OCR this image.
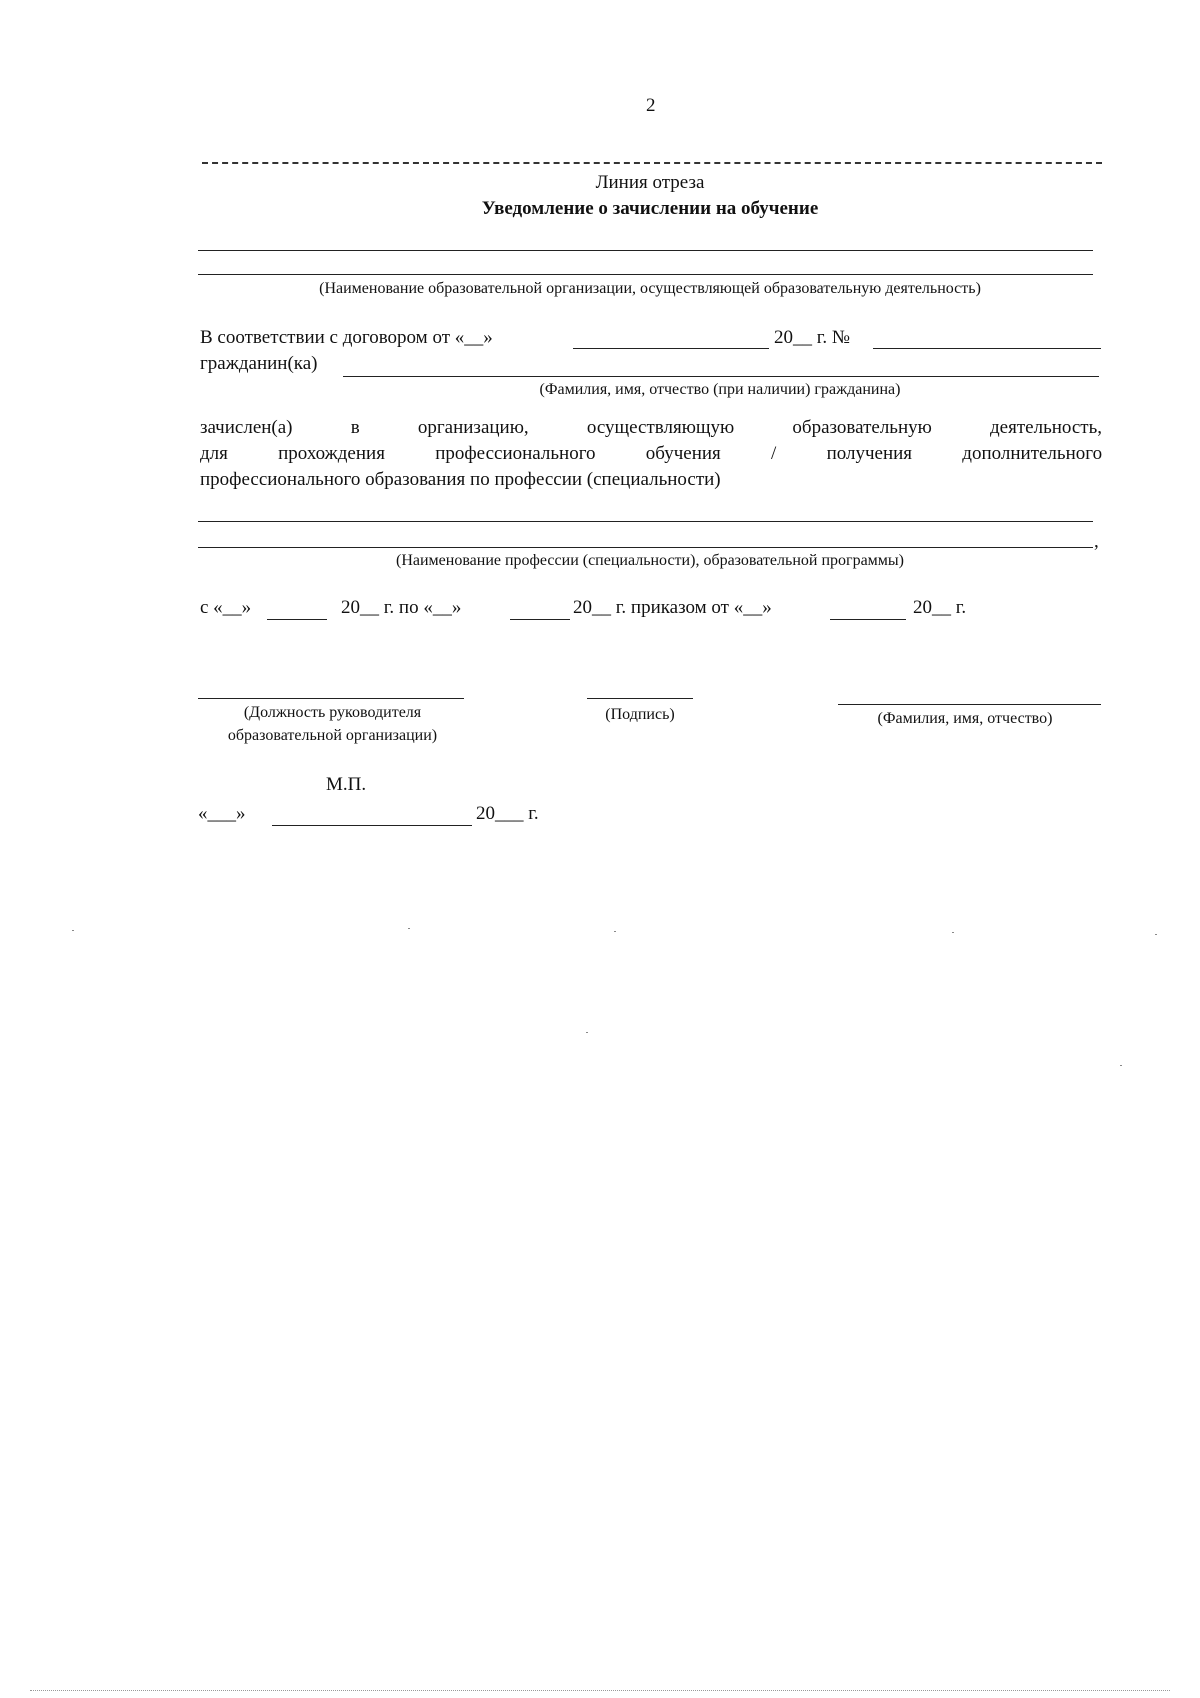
2
Линия отреза
Уведомление о зачислении на обучение
(Наименование образовательной организации, осуществляющей образовательную деятельность)
В соответствии с договором от «__»	20__ г. №
гражданин(ка)
(Фамилия, имя, отчество (при наличии) гражданина)
зачислен(а)	в	организацию,	осуществляющую	образовательную	деятельность,
для	прохождения	профессионального	обучения	/	получения	дополнительного
профессионального образования по профессии (специальности)
,
(Наименование профессии (специальности), образовательной программы)
с «__»	20__ г. по «__»	20__ г. приказом от «__»	20__ г.
(Должность руководителя
образовательной организации)
(Подпись)	(Фамилия, имя, отчество)
М.П.
«___»	20___ г.
